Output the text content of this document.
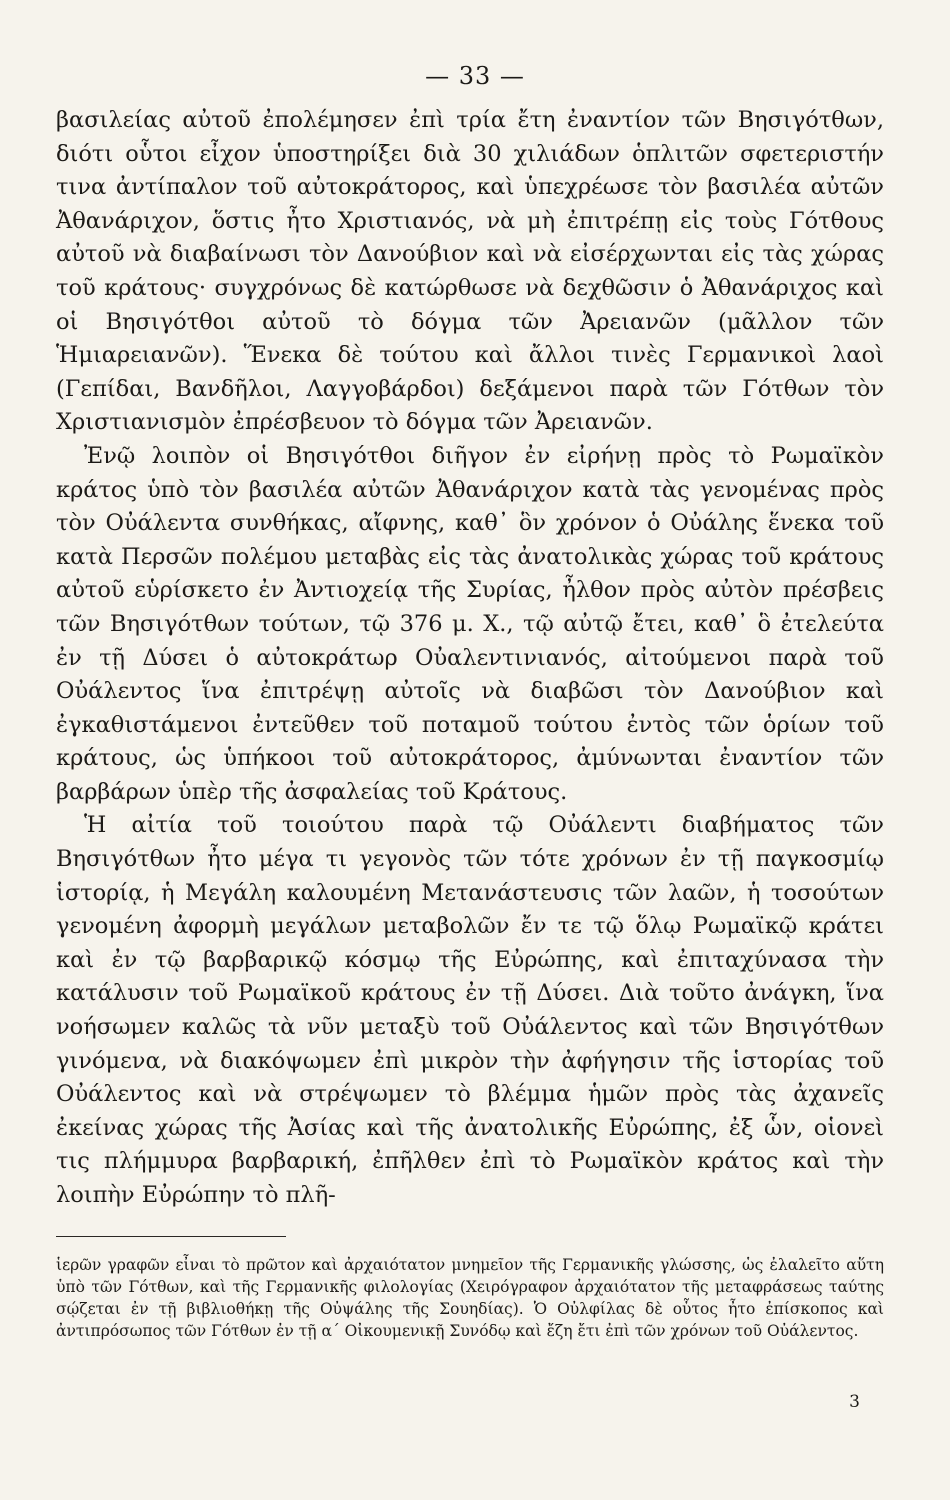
— 33 —

βασιλείας αὐτοῦ ἐπολέμησεν ἐπὶ τρία ἔτη ἐναντίον τῶν Βησιγότθων, διότι οὗτοι εἶχον ὑποστηρίξει διὰ 30 χιλιάδων ὁπλιτῶν σφετεριστήν τινα ἀντίπαλον τοῦ αὐτοκράτορος, καὶ ὑπεχρέωσε τὸν βασιλέα αὐτῶν Ἀθανάριχον, ὅστις ἦτο Χριστιανός, νὰ μὴ ἐπιτρέπῃ εἰς τοὺς Γότθους αὐτοῦ νὰ διαβαίνωσι τὸν Δανούβιον καὶ νὰ εἰσέρχωνται εἰς τὰς χώρας τοῦ κράτους· συγχρόνως δὲ κατώρθωσε νὰ δεχθῶσιν ὁ Ἀθανάριχος καὶ οἱ Βησιγότθοι αὐτοῦ τὸ δόγμα τῶν Ἀρειανῶν (μᾶλλον τῶν Ἡμιαρειανῶν). Ἕνεκα δὲ τούτου καὶ ἄλλοι τινὲς Γερμανικοὶ λαοὶ (Γεπίδαι, Βανδῆλοι, Λαγγοβάρδοι) δεξάμενοι παρὰ τῶν Γότθων τὸν Χριστιανισμὸν ἐπρέσβευον τὸ δόγμα τῶν Ἀρειανῶν.

Ἐνῷ λοιπὸν οἱ Βησιγότθοι διῆγον ἐν εἰρήνῃ πρὸς τὸ Ρωμαϊκὸν κράτος ὑπὸ τὸν βασιλέα αὐτῶν Ἀθανάριχον κατὰ τὰς γενομένας πρὸς τὸν Οὐάλεντα συνθήκας, αἴφνης, καθ᾽ ὃν χρόνον ὁ Οὐάλης ἕνεκα τοῦ κατὰ Περσῶν πολέμου μεταβὰς εἰς τὰς ἀνατολικὰς χώρας τοῦ κράτους αὐτοῦ εὑρίσκετο ἐν Ἀντιοχείᾳ τῆς Συρίας, ἦλθον πρὸς αὐτὸν πρέσβεις τῶν Βησιγότθων τούτων, τῷ 376 μ. Χ., τῷ αὐτῷ ἔτει, καθ᾽ ὃ ἐτελεύτα ἐν τῇ Δύσει ὁ αὐτοκράτωρ Οὐαλεντινιανός, αἰτούμενοι παρὰ τοῦ Οὐάλεντος ἵνα ἐπιτρέψῃ αὐτοῖς νὰ διαβῶσι τὸν Δανούβιον καὶ ἐγκαθιστάμενοι ἐντεῦθεν τοῦ ποταμοῦ τούτου ἐντὸς τῶν ὁρίων τοῦ κράτους, ὡς ὑπήκοοι τοῦ αὐτοκράτορος, ἀμύνωνται ἐναντίον τῶν βαρβάρων ὑπὲρ τῆς ἀσφαλείας τοῦ Κράτους.

Ἡ αἰτία τοῦ τοιούτου παρὰ τῷ Οὐάλεντι διαβήματος τῶν Βησιγότθων ἦτο μέγα τι γεγονὸς τῶν τότε χρόνων ἐν τῇ παγκοσμίῳ ἱστορίᾳ, ἡ Μεγάλη καλουμένη Μετανάστευσις τῶν λαῶν, ἡ τοσούτων γενομένη ἀφορμὴ μεγάλων μεταβολῶν ἔν τε τῷ ὅλῳ Ρωμαϊκῷ κράτει καὶ ἐν τῷ βαρβαρικῷ κόσμῳ τῆς Εὐρώπης, καὶ ἐπιταχύνασα τὴν κατάλυσιν τοῦ Ρωμαϊκοῦ κράτους ἐν τῇ Δύσει. Διὰ τοῦτο ἀνάγκη, ἵνα νοήσωμεν καλῶς τὰ νῦν μεταξὺ τοῦ Οὐάλεντος καὶ τῶν Βησιγότθων γινόμενα, νὰ διακόψωμεν ἐπὶ μικρὸν τὴν ἀφήγησιν τῆς ἱστορίας τοῦ Οὐάλεντος καὶ νὰ στρέψωμεν τὸ βλέμμα ἡμῶν πρὸς τὰς ἀχανεῖς ἐκείνας χώρας τῆς Ἀσίας καὶ τῆς ἀνατολικῆς Εὐρώπης, ἐξ ὧν, οἱονεὶ τις πλήμμυρα βαρβαρική, ἐπῆλθεν ἐπὶ τὸ Ρωμαϊκὸν κράτος καὶ τὴν λοιπὴν Εὐρώπην τὸ πλῆ-

ἱερῶν γραφῶν εἶναι τὸ πρῶτον καὶ ἀρχαιότατον μνημεῖον τῆς Γερμανικῆς γλώσσης, ὡς ἐλαλεῖτο αὕτη ὑπὸ τῶν Γότθων, καὶ τῆς Γερμανικῆς φιλολογίας (Χειρόγραφον ἀρχαιότατον τῆς μεταφράσεως ταύτης σῴζεται ἐν τῇ βιβλιοθήκῃ τῆς Οὐψάλης τῆς Σουηδίας). Ὁ Οὐλφίλας δὲ οὗτος ἦτο ἐπίσκοπος καὶ ἀντιπρόσωπος τῶν Γότθων ἐν τῇ α´ Οἰκουμενικῇ Συνόδῳ καὶ ἔζη ἔτι ἐπὶ τῶν χρόνων τοῦ Οὐάλεντος.
3
